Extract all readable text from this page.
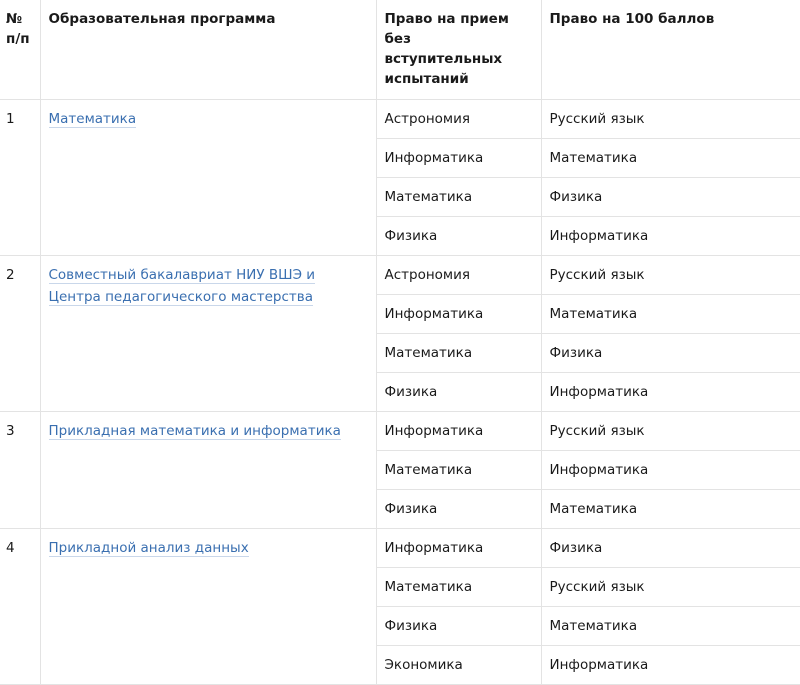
№ п/п	Образовательная программа	Право на прием без вступительных испытаний	Право на 100 баллов
1	Математика	Астрономия	Русский язык
		Информатика	Математика
		Математика	Физика
		Физика	Информатика
2	Совместный бакалавриат НИУ ВШЭ и Центра педагогического мастерства	Астрономия	Русский язык
		Информатика	Математика
		Математика	Физика
		Физика	Информатика
3	Прикладная математика и информатика	Информатика	Русский язык
		Математика	Информатика
		Физика	Математика
4	Прикладной анализ данных	Информатика	Физика
		Математика	Русский язык
		Физика	Математика
		Экономика	Информатика
